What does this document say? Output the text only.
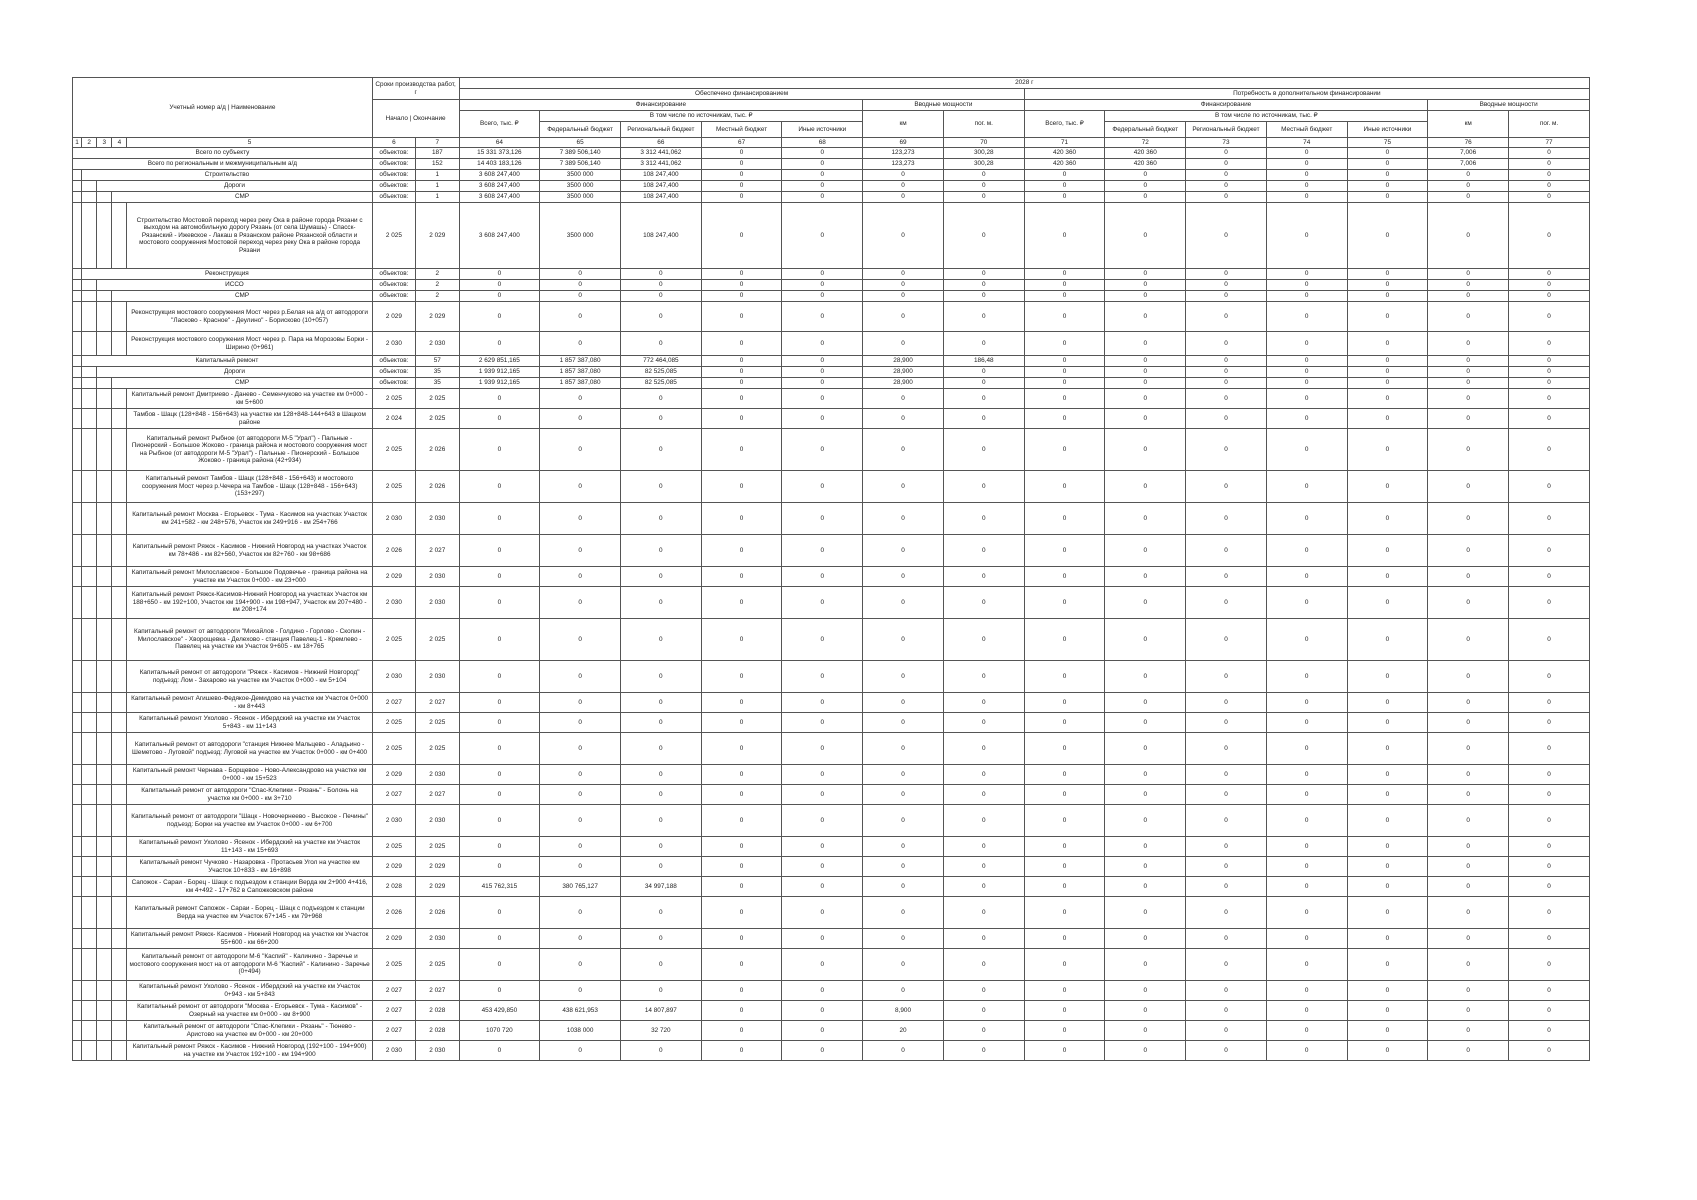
Учетный номер а/д | Наименование					Сроки производства работ, г		2028 г													
							Обеспечено финансированием							Потребность в дополнительном финансировании						
					Начало | Окончание		Финансирование					Вводные мощности		Финансирование					Вводные мощности	
							Всего, тыс. ₽	В том числе по источникам, тыс. ₽				км	пог. м.	Всего, тыс. ₽	В том числе по источникам, тыс. ₽				км	пог. м.
								Федеральный бюджет	Региональный бюджет	Местный бюджет	Иные источники				Федеральный бюджет	Региональный бюджет	Местный бюджет	Иные источники		
1	2	3	4	5	6	7	64	65	66	67	68	69	70	71	72	73	74	75	76	77
Всего по субъекту					объектов:	187	15 331 373,126	7 389 506,140	3 312 441,062	0	0	123,273	300,28	420 360	420 360	0	0	0	7,006	0
Всего по региональным и межмуниципальным а/д					объектов:	152	14 403 183,126	7 389 506,140	3 312 441,062	0	0	123,273	300,28	420 360	420 360	0	0	0	7,006	0
	Строительство				объектов:	1	3 608 247,400	3500 000	108 247,400	0	0	0	0	0	0	0	0	0	0	0
		Дороги			объектов:	1	3 608 247,400	3500 000	108 247,400	0	0	0	0	0	0	0	0	0	0	0
			СМР		объектов:	1	3 608 247,400	3500 000	108 247,400	0	0	0	0	0	0	0	0	0	0	0
				Строительство Мостовой переход через реку Ока в районе города Рязани с выходом на автомобильную дорогу Рязань (от села Шумашь) - Спасск-Рязанский - Ижевское - Лакаш в Рязанском районе Рязанской области и мостового сооружения Мостовой переход через реку Ока в районе города Рязани	2 025	2 029	3 608 247,400	3500 000	108 247,400	0	0	0	0	0	0	0	0	0	0	0
	Реконструкция				объектов:	2	0	0	0	0	0	0	0	0	0	0	0	0	0	0
		ИССО			объектов:	2	0	0	0	0	0	0	0	0	0	0	0	0	0	0
			СМР		объектов:	2	0	0	0	0	0	0	0	0	0	0	0	0	0	0
				Реконструкция мостового сооружения Мост через р.Белая на а/д от автодороги "Ласково - Красное" - Деулино" - Борисково (10+057)	2 029	2 029	0	0	0	0	0	0	0	0	0	0	0	0	0	0
				Реконструкция мостового сооружения Мост через р. Пара на Морозовы Борки - Ширино (0+961)	2 030	2 030	0	0	0	0	0	0	0	0	0	0	0	0	0	0
	Капитальный ремонт				объектов:	57	2 629 851,165	1 857 387,080	772 464,085	0	0	28,900	186,48	0	0	0	0	0	0	0
		Дороги			объектов:	35	1 939 912,165	1 857 387,080	82 525,085	0	0	28,900	0	0	0	0	0	0	0	0
			СМР		объектов:	35	1 939 912,165	1 857 387,080	82 525,085	0	0	28,900	0	0	0	0	0	0	0	0
				Капитальный ремонт Дмитриево - Данево - Семенчуково на участке км 0+000 - км 5+600	2 025	2 025	0	0	0	0	0	0	0	0	0	0	0	0	0	0
				Тамбов - Шацк (128+848 - 156+643) на участке км 128+848-144+643 в Шацком районе	2 024	2 025	0	0	0	0	0	0	0	0	0	0	0	0	0	0
				Капитальный ремонт Рыбное (от автодороги М-5 "Урал") - Пальные - Пионерский - Большое Жоково - граница района и мостового сооружения мост на Рыбное (от автодороги М-5 "Урал") - Пальные - Пионерский - Большое Жоково - граница района (42+934)	2 025	2 026	0	0	0	0	0	0	0	0	0	0	0	0	0	0
				Капитальный ремонт Тамбов - Шацк (128+848 - 156+643) и мостового сооружения Мост через р.Чечера на Тамбов - Шацк (128+848 - 156+643) (153+297)	2 025	2 026	0	0	0	0	0	0	0	0	0	0	0	0	0	0
				Капитальный ремонт Москва - Егорьевск - Тума - Касимов на участках Участок км 241+582 - км 248+576, Участок км 249+916 - км 254+766	2 030	2 030	0	0	0	0	0	0	0	0	0	0	0	0	0	0
				Капитальный ремонт Ряжск - Касимов - Нижний Новгород на участках Участок км 78+486 - км 82+560, Участок км 82+760 - км 98+686	2 026	2 027	0	0	0	0	0	0	0	0	0	0	0	0	0	0
				Капитальный ремонт Милославское - Большое Подовечье - граница района на участке км Участок 0+000 - км 23+000	2 029	2 030	0	0	0	0	0	0	0	0	0	0	0	0	0	0
				Капитальный ремонт Ряжск-Касимов-Нижний Новгород на участках Участок км 188+650 - км 192+100, Участок км 194+900 - км 198+947, Участок км 207+480 - км 208+174	2 030	2 030	0	0	0	0	0	0	0	0	0	0	0	0	0	0
				Капитальный ремонт от автодороги "Михайлов - Голдино - Горлово - Скопин - Милославское" - Хворощевка - Делехово - станция Павелец-1 - Кремлево - Павелец на участке км Участок 9+605 - км 18+765	2 025	2 025	0	0	0	0	0	0	0	0	0	0	0	0	0	0
				Капитальный ремонт от автодороги "Ряжск - Касимов - Нижний Новгород" подъезд: Лом - Захарово на участке км Участок 0+000 - км 5+104	2 030	2 030	0	0	0	0	0	0	0	0	0	0	0	0	0	0
				Капитальный ремонт Агишево-Федякое-Демидово на участке км Участок 0+000 - км 8+443	2 027	2 027	0	0	0	0	0	0	0	0	0	0	0	0	0	0
				Капитальный ремонт Ухолово - Ясенок - Ибердский на участке км Участок 5+843 - км 11+143	2 025	2 025	0	0	0	0	0	0	0	0	0	0	0	0	0	0
				Капитальный ремонт от автодороги "станция Нижнее Мальцево - Аладьино - Шеметово - Луговой" подъезд: Луговой на участке км Участок 0+000 - км 0+400	2 025	2 025	0	0	0	0	0	0	0	0	0	0	0	0	0	0
				Капитальный ремонт Чернава - Борщевое - Ново-Александрово на участке км 0+000 - км 15+523	2 029	2 030	0	0	0	0	0	0	0	0	0	0	0	0	0	0
				Капитальный ремонт от автодороги "Спас-Клепики - Рязань" - Болонь на участке км 0+000 - км 3+710	2 027	2 027	0	0	0	0	0	0	0	0	0	0	0	0	0	0
				Капитальный ремонт от автодороги "Шацк - Новочернеево - Высокое - Печины" подъезд: Борки на участке км Участок 0+000 - км 6+700	2 030	2 030	0	0	0	0	0	0	0	0	0	0	0	0	0	0
				Капитальный ремонт Ухолово - Ясенок - Ибердский на участке км Участок 11+143 - км 15+693	2 025	2 025	0	0	0	0	0	0	0	0	0	0	0	0	0	0
				Капитальный ремонт Чучково - Назаровка - Протасьев Угол на участке км Участок 10+833 - км 16+898	2 029	2 029	0	0	0	0	0	0	0	0	0	0	0	0	0	0
				Сапожок - Сараи - Борец - Шацк с подъездом к станции Верда км 2+900 4+416, км 4+492 - 17+762 в Сапожковском районе	2 028	2 029	415 762,315	380 765,127	34 997,188	0	0	0	0	0	0	0	0	0	0	0
				Капитальный ремонт Сапожок - Сараи - Борец - Шацк с подъездом к станции Верда на участке км Участок 67+145 - км 79+968	2 026	2 026	0	0	0	0	0	0	0	0	0	0	0	0	0	0
				Капитальный ремонт Ряжск- Касимов - Нижний Новгород на участке км Участок 55+600 - км 66+200	2 029	2 030	0	0	0	0	0	0	0	0	0	0	0	0	0	0
				Капитальный ремонт от автодороги М-6 "Каспий" - Калинино - Заречье и мостового сооружения мост на от автодороги М-6 "Каспий" - Калинино - Заречье (0+494)	2 025	2 025	0	0	0	0	0	0	0	0	0	0	0	0	0	0
				Капитальный ремонт Ухолово - Ясенок - Ибердский на участке км Участок 0+943 - км 5+843	2 027	2 027	0	0	0	0	0	0	0	0	0	0	0	0	0	0
				Капитальный ремонт от автодороги "Москва - Егорьевск - Тума - Касимов" - Озерный на участке км 0+000 - км 8+900	2 027	2 028	453 429,850	438 621,953	14 807,897	0	0	8,900	0	0	0	0	0	0	0	0
				Капитальный ремонт от автодороги "Спас-Клепики - Рязань" - Тюнево - Аристово на участке км 0+000 - км 20+000	2 027	2 028	1070 720	1038 000	32 720	0	0	20	0	0	0	0	0	0	0	0
				Капитальный ремонт Ряжск - Касимов - Нижний Новгород (192+100 - 194+900) на участке км Участок 192+100 - км 194+900	2 030	2 030	0	0	0	0	0	0	0	0	0	0	0	0	0	0
